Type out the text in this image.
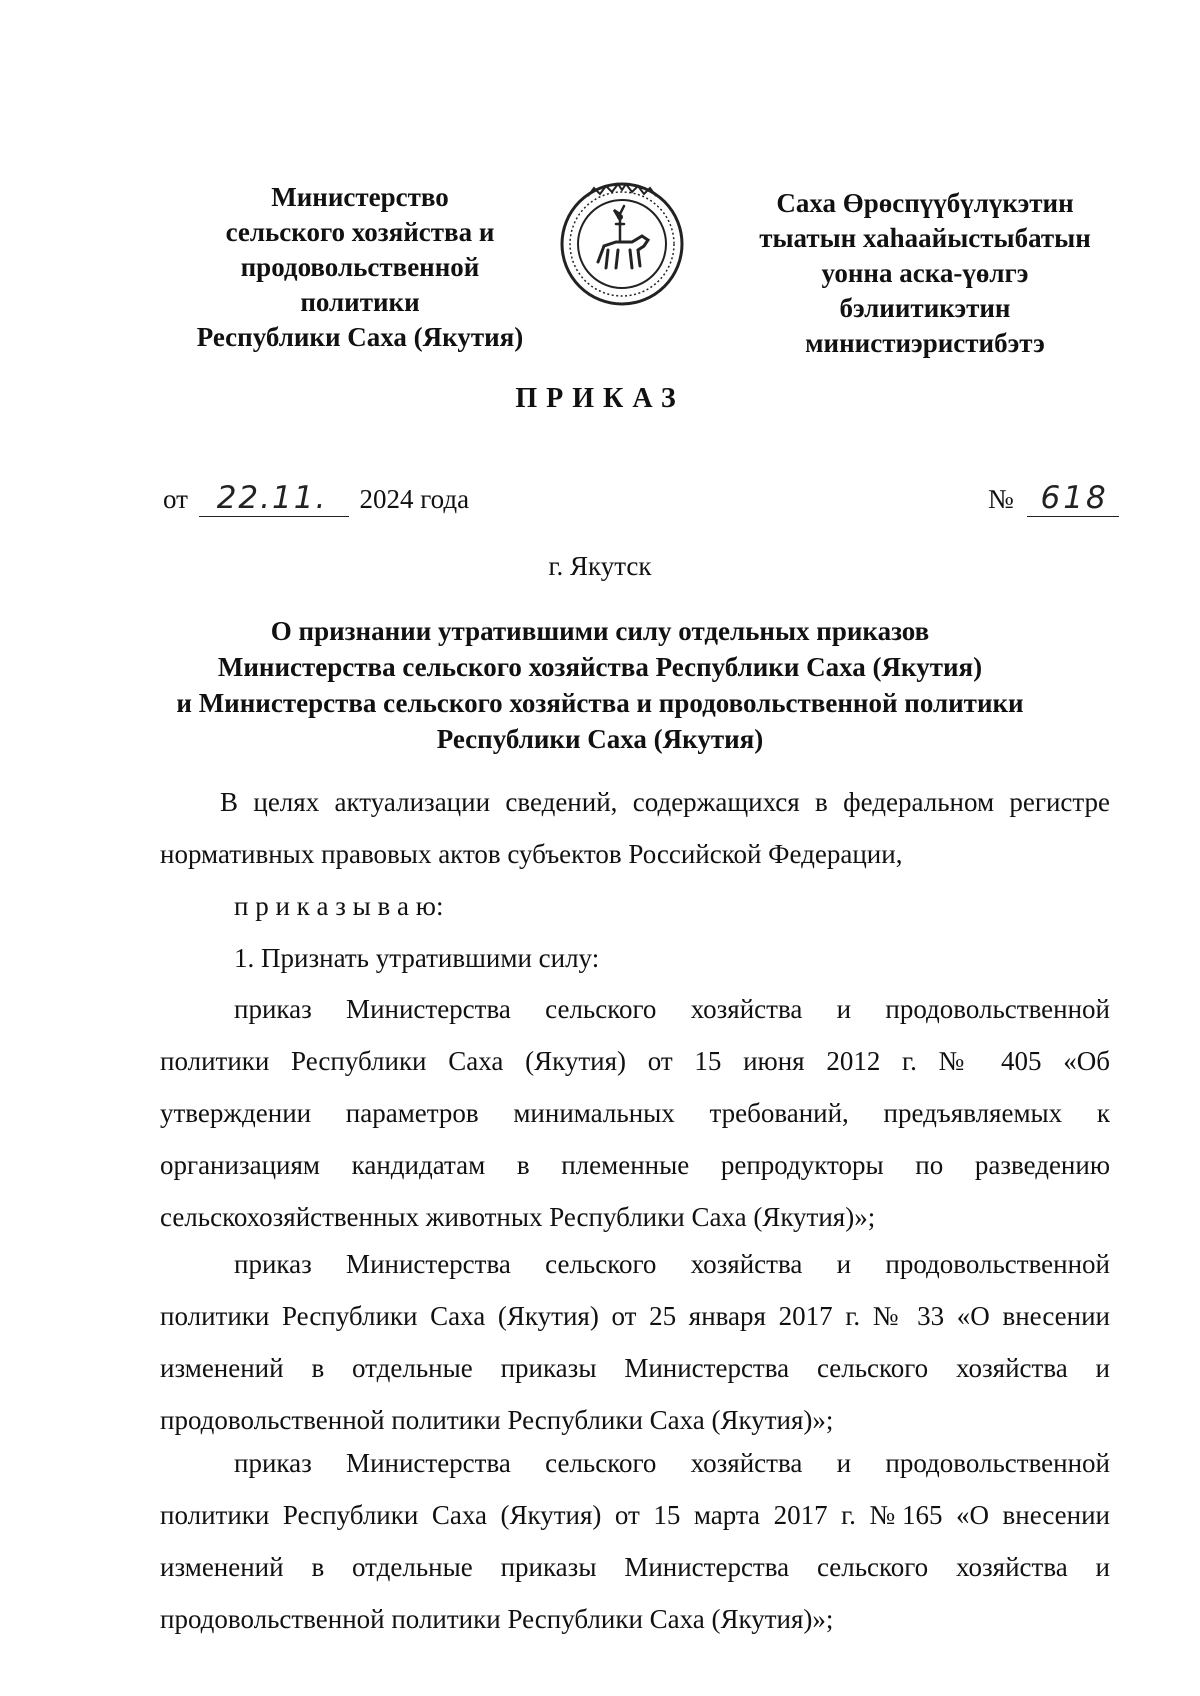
Министерство
сельского хозяйства и
продовольственной
политики
Республики Саха (Якутия)
Саха Өрөспүүбүлүкэтин
тыатын хаһаайыстыбатын
уонна аска-үөлгэ
бэлиитикэтин
министиэристибэтэ
ПРИКАЗ
от 22.11. 2024 года	№ 618
г. Якутск
О признании утратившими силу отдельных приказов
Министерства сельского хозяйства Республики Саха (Якутия)
и Министерства сельского хозяйства и продовольственной политики
Республики Саха (Якутия)
В целях актуализации сведений, содержащихся в федеральном регистре
нормативных правовых актов субъектов Российской Федерации,
п р и к а з ы в а ю:
1. Признать утратившими силу:
приказ Министерства сельского хозяйства и продовольственной
политики Республики Саха (Якутия) от 15 июня 2012 г. № 405 «Об
утверждении параметров минимальных требований, предъявляемых к
организациям кандидатам в племенные репродукторы по разведению
сельскохозяйственных животных Республики Саха (Якутия)»;
приказ Министерства сельского хозяйства и продовольственной
политики Республики Саха (Якутия) от 25 января 2017 г. № 33 «О внесении
изменений в отдельные приказы Министерства сельского хозяйства и
продовольственной политики Республики Саха (Якутия)»;
приказ Министерства сельского хозяйства и продовольственной
политики Республики Саха (Якутия) от 15 марта 2017 г. №165 «О внесении
изменений в отдельные приказы Министерства сельского хозяйства и
продовольственной политики Республики Саха (Якутия)»;
